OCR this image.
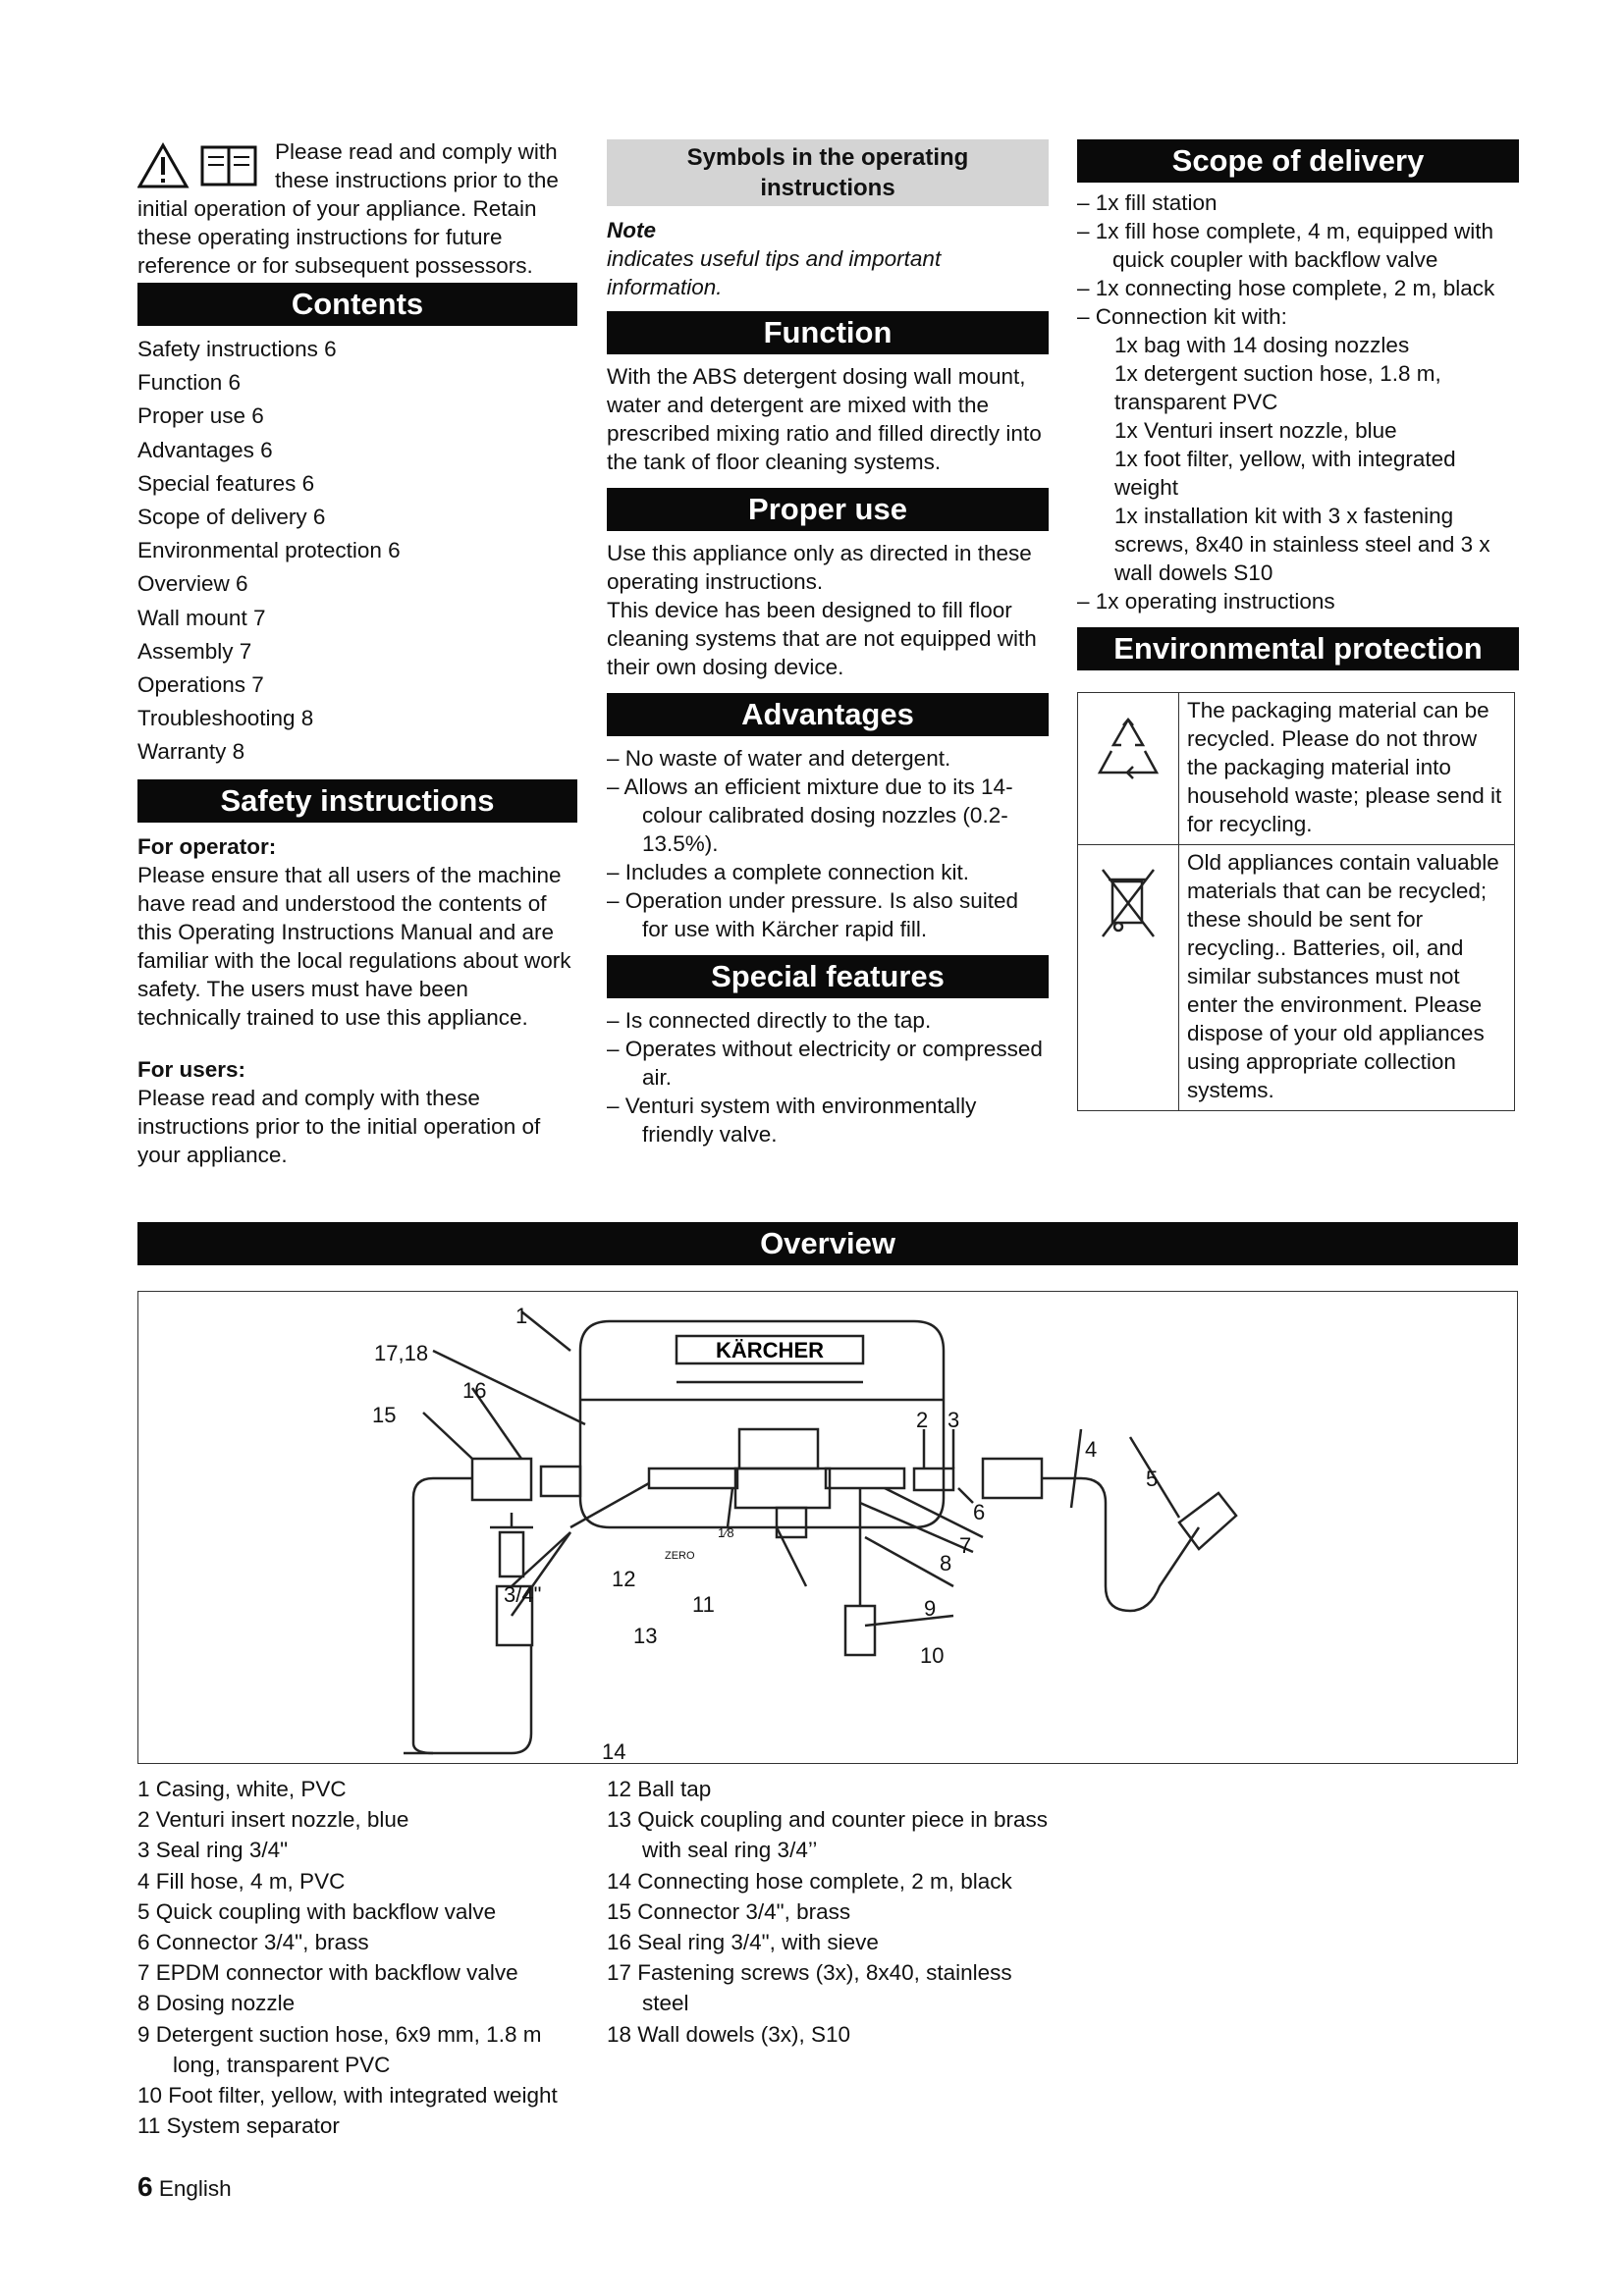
Please read and comply with these instructions prior to the initial operation of your appliance. Retain these operating instructions for future reference or for subsequent possessors.

Contents
Safety instructions 6
Function 6
Proper use 6
Advantages 6
Special features 6
Scope of delivery 6
Environmental protection 6
Overview 6
Wall mount 7
Assembly 7
Operations 7
Troubleshooting 8
Warranty 8
Safety instructions

For operator:

Please ensure that all users of the machine have read and understood the contents of this Operating Instructions Manual and are familiar with the local regulations about work safety. The users must have been technically trained to use this appliance.

For users:

Please read and comply with these instructions prior to the initial operation of your appliance.

Symbols in the operating instructions

Note

indicates useful tips and important information.

Function

With the ABS detergent dosing wall mount, water and detergent are mixed with the prescribed mixing ratio and filled directly into the tank of floor cleaning systems.

Proper use

Use this appliance only as directed in these operating instructions.

This device has been designed to fill floor cleaning systems that are not equipped with their own dosing device.

Advantages
– No waste of water and detergent.
– Allows an efficient mixture due to its 14-colour calibrated dosing nozzles (0.2-13.5%).
– Includes a complete connection kit.
– Operation under pressure. Is also suited for use with Kärcher rapid fill.
Special features
– Is connected directly to the tap.
– Operates without electricity or compressed air.
– Venturi system with environmentally friendly valve.
Scope of delivery
– 1x fill station
– 1x fill hose complete, 4 m, equipped with quick coupler with backflow valve
– 1x connecting hose complete, 2 m, black
– Connection kit with:
1x bag with 14 dosing nozzles
1x detergent suction hose, 1.8 m, transparent PVC
1x Venturi insert nozzle, blue
1x foot filter, yellow, with integrated weight
1x installation kit with 3 x fastening screws, 8x40 in stainless steel and 3 x wall dowels S10
– 1x operating instructions
Environmental protection
	The packaging material can be recycled. Please do not throw the packaging material into household waste; please send it for recycling.
	Old appliances contain valuable materials that can be recycled; these should be sent for recycling.. Batteries, oil, and similar substances must not enter the environment. Please dispose of your old appliances using appropriate collection systems.
Overview
KÄRCHER
1
17,18
16
15	2 3
4
5
6
7
8
9
10
11
12
13
14
3/4"
1⁄8
ZERO
1 Casing, white, PVC
2 Venturi insert nozzle, blue
3 Seal ring 3/4"
4 Fill hose, 4 m, PVC
5 Quick coupling with backflow valve
6 Connector 3/4", brass
7 EPDM connector with backflow valve
8 Dosing nozzle
9 Detergent suction hose, 6x9 mm, 1.8 m long, transparent PVC
10 Foot filter, yellow, with integrated weight
11 System separator
12 Ball tap
13 Quick coupling and counter piece in brass with seal ring 3/4’’
14 Connecting hose complete, 2 m, black
15 Connector 3/4", brass
16 Seal ring 3/4", with sieve
17 Fastening screws (3x), 8x40, stainless steel
18 Wall dowels (3x), S10
6 English
